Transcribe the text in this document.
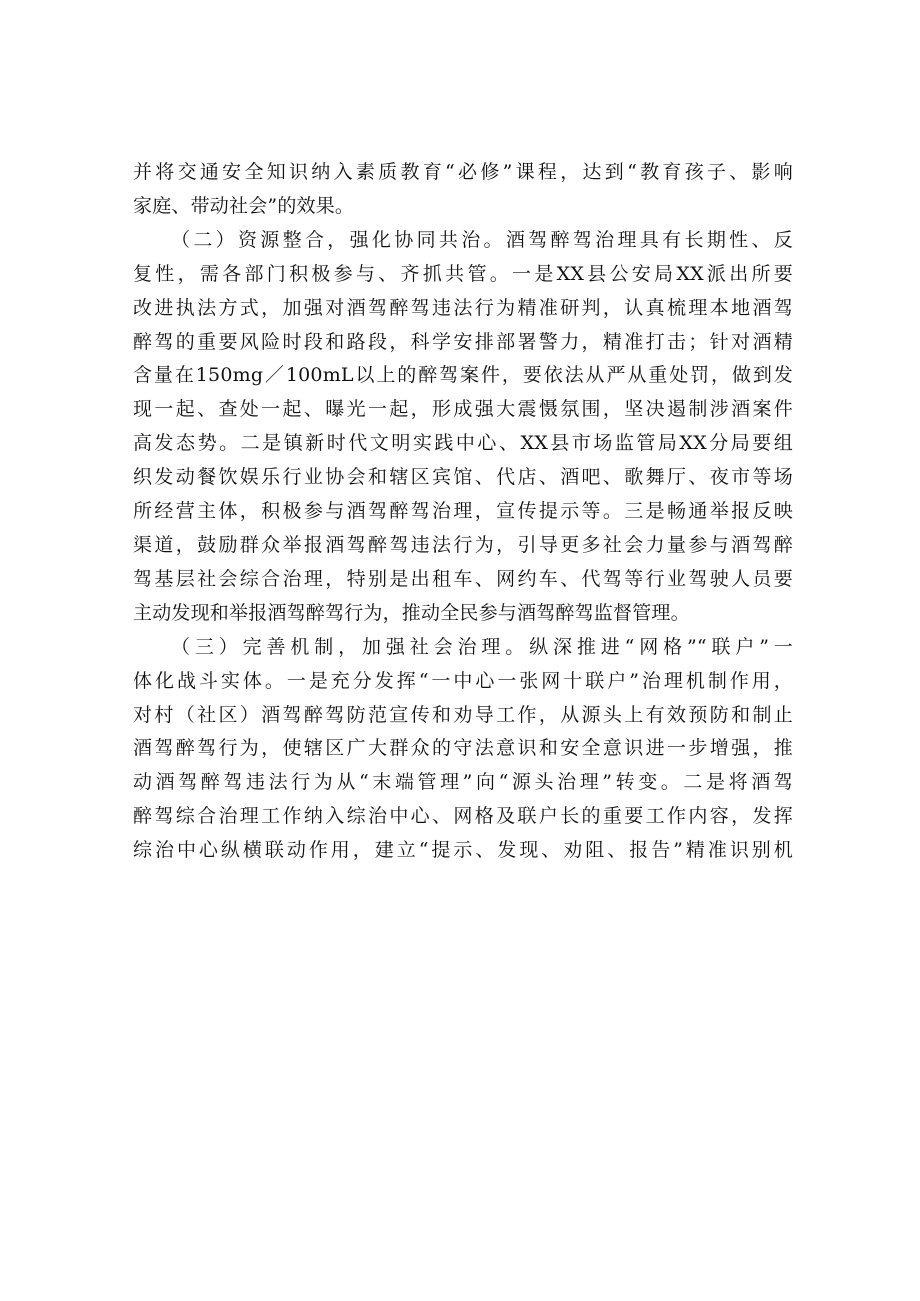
并将交通安全知识纳入素质教育“必修”课程，达到“教育孩子、影响
家庭、带动社会”的效果。
（二）资源整合，强化协同共治。酒驾醉驾治理具有长期性、反
复性，需各部门积极参与、齐抓共管。一是XX县公安局XX派出所要
改进执法方式，加强对酒驾醉驾违法行为精准研判，认真梳理本地酒驾
醉驾的重要风险时段和路段，科学安排部署警力，精准打击；针对酒精
含量在150mg／100mL以上的醉驾案件，要依法从严从重处罚，做到发
现一起、查处一起、曝光一起，形成强大震慑氛围，坚决遏制涉酒案件
高发态势。二是镇新时代文明实践中心、XX县市场监管局XX分局要组
织发动餐饮娱乐行业协会和辖区宾馆、代店、酒吧、歌舞厅、夜市等场
所经营主体，积极参与酒驾醉驾治理，宣传提示等。三是畅通举报反映
渠道，鼓励群众举报酒驾醉驾违法行为，引导更多社会力量参与酒驾醉
驾基层社会综合治理，特别是出租车、网约车、代驾等行业驾驶人员要
主动发现和举报酒驾醉驾行为，推动全民参与酒驾醉驾监督管理。
（三）完善机制，加强社会治理。纵深推进“网格”“联户”一
体化战斗实体。一是充分发挥“一中心一张网十联户”治理机制作用，
对村（社区）酒驾醉驾防范宣传和劝导工作，从源头上有效预防和制止
酒驾醉驾行为，使辖区广大群众的守法意识和安全意识进一步增强，推
动酒驾醉驾违法行为从“末端管理”向“源头治理”转变。二是将酒驾
醉驾综合治理工作纳入综治中心、网格及联户长的重要工作内容，发挥
综治中心纵横联动作用，建立“提示、发现、劝阻、报告”精准识别机
